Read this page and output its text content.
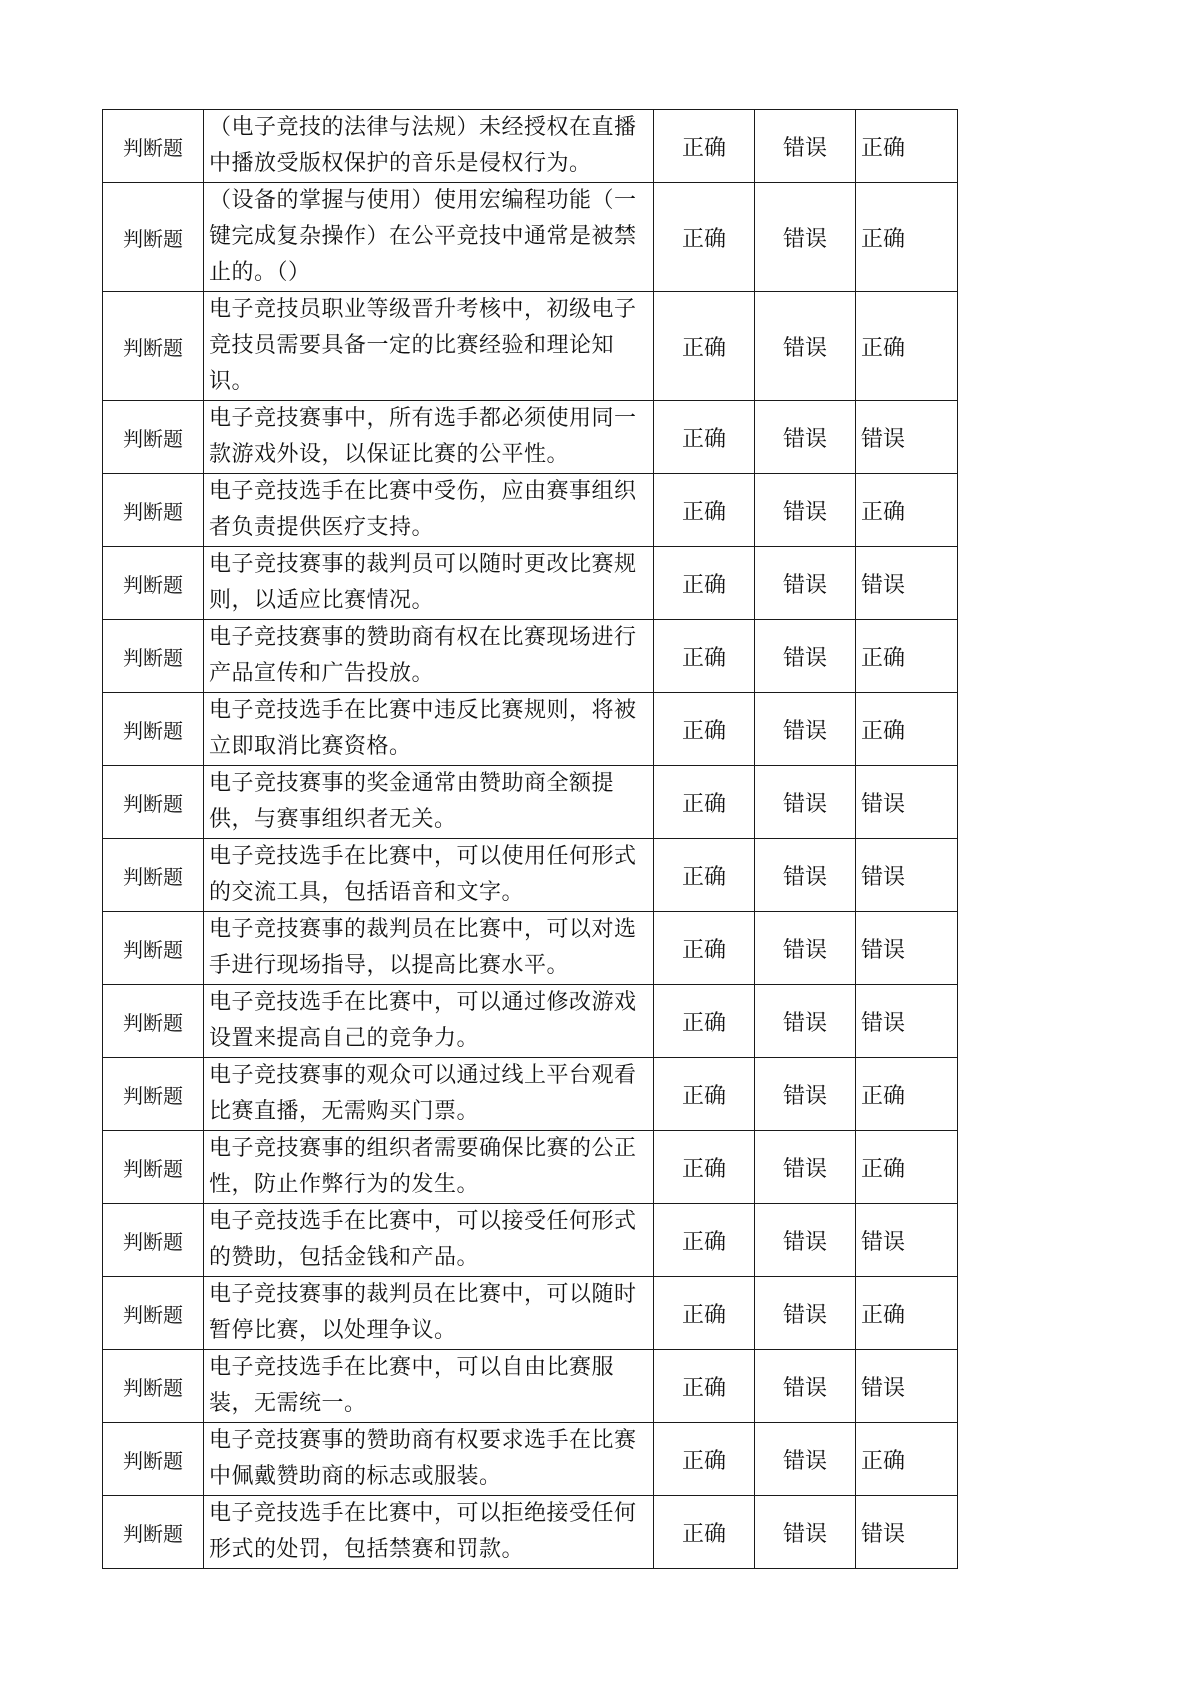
判断题	（电子竞技的法律与法规）未经授权在直播中播放受版权保护的音乐是侵权行为。	正确	错误	正确
判断题	（设备的掌握与使用）使用宏编程功能（一键完成复杂操作）在公平竞技中通常是被禁止的。（）	正确	错误	正确
判断题	电子竞技员职业等级晋升考核中，初级电子竞技员需要具备一定的比赛经验和理论知识。	正确	错误	正确
判断题	电子竞技赛事中，所有选手都必须使用同一款游戏外设，以保证比赛的公平性。	正确	错误	错误
判断题	电子竞技选手在比赛中受伤，应由赛事组织者负责提供医疗支持。	正确	错误	正确
判断题	电子竞技赛事的裁判员可以随时更改比赛规则，以适应比赛情况。	正确	错误	错误
判断题	电子竞技赛事的赞助商有权在比赛现场进行产品宣传和广告投放。	正确	错误	正确
判断题	电子竞技选手在比赛中违反比赛规则，将被立即取消比赛资格。	正确	错误	正确
判断题	电子竞技赛事的奖金通常由赞助商全额提供，与赛事组织者无关。	正确	错误	错误
判断题	电子竞技选手在比赛中，可以使用任何形式的交流工具，包括语音和文字。	正确	错误	错误
判断题	电子竞技赛事的裁判员在比赛中，可以对选手进行现场指导，以提高比赛水平。	正确	错误	错误
判断题	电子竞技选手在比赛中，可以通过修改游戏设置来提高自己的竞争力。	正确	错误	错误
判断题	电子竞技赛事的观众可以通过线上平台观看比赛直播，无需购买门票。	正确	错误	正确
判断题	电子竞技赛事的组织者需要确保比赛的公正性，防止作弊行为的发生。	正确	错误	正确
判断题	电子竞技选手在比赛中，可以接受任何形式的赞助，包括金钱和产品。	正确	错误	错误
判断题	电子竞技赛事的裁判员在比赛中，可以随时暂停比赛，以处理争议。	正确	错误	正确
判断题	电子竞技选手在比赛中，可以自由比赛服装，无需统一。	正确	错误	错误
判断题	电子竞技赛事的赞助商有权要求选手在比赛中佩戴赞助商的标志或服装。	正确	错误	正确
判断题	电子竞技选手在比赛中，可以拒绝接受任何形式的处罚，包括禁赛和罚款。	正确	错误	错误
